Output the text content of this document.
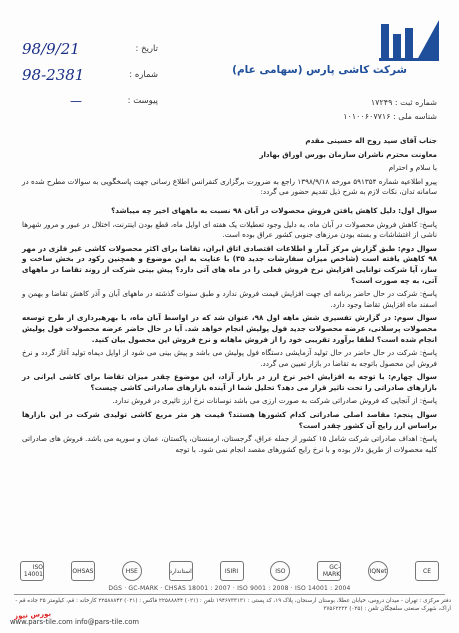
شرکت کاشی پارس (سهامی عام)
شماره ثبت : ۱۷۲۴۹
شناسه ملی : ۱۰۱۰۰۶۰۷۷۱۶
تاریخ :
98/9/21
شماره :
98-2381
پیوست :
—

جناب آقای سید روح اله حسینی مقدم

معاونت محترم ناشران سازمان بورس اوراق بهادار

با سلام و احترام

پیرو اطلاعیه شماره ۵۹۱۳۵۴ مورخه ۱۳۹۸/۹/۱۸ راجع به ضرورت برگزاری کنفرانس اطلاع رسانی جهت پاسخگویی به سوالات مطرح شده در سامانه تدان، نکات لازم به شرح ذیل تقدیم حضور می گردد:

سوال اول: دلیل کاهش یافتن فروش محصولات در آبان ۹۸ نسبت به ماههای اخیر چه میباشد؟

پاسخ: کاهش فروش محصولات در آبان ماه، به دلیل وجود تعطیلات یک هفته ای اوایل ماه، قطع بودن اینترنت، اختلال در عبور و مرور شهرها ناشی از اغتشاشات و بسته بودن مرزهای جنوبی کشور عراق بوده است.

سوال دوم: طبق گزارش مرکز آمار و اطلاعات اقتصادی اتاق ایران، تقاضا برای اکثر محصولات کاشی غیر فلزی در مهر ۹۸ کاهش یافته است (شاخص میزان سفارشات جدید ۳۵) با عنایت به این موضوع و همچنین رکود در بخش ساخت و ساز، آیا شرکت توانایی افزایش نرخ فروش فعلی را در ماه های آتی دارد؟ پیش بینی شرکت از روند تقاضا در ماههای آتی، به چه صورت است؟

پاسخ: شرکت در حال حاضر برنامه ای جهت افزایش قیمت فروش ندارد و طبق سنوات گذشته در ماههای آبان و آذر کاهش تقاضا و بهمن و اسفند ماه افزایش تقاضا وجود دارد.

سوال سوم: در گزارش تفسیری شش ماهه اول ۹۸، عنوان شد که در اواسط آبان ماه، با بهرهبرداری از طرح توسعه محصولات پرسلانی، عرضه محصولات جدید فول پولیش انجام خواهد شد. آیا در حال حاضر عرضه محصولات فول پولیش انجام شده است؟ لطفا برآورد تقریبی خود را از فروش ماهانه و نرخ فروش این محصول بیان کنید.

پاسخ: شرکت در حال حاضر در حال تولید آزمایشی دستگاه فول پولیش می باشد و پیش بینی می شود از اوایل دیماه تولید آغاز گردد و نرخ فروش این محصول باتوجه به تقاضا در بازار تعیین می گردد.

سوال چهارم: با توجه به افزایش اخیر نرخ ارز در بازار آزاد، این موضوع چقدر میزان تقاضا برای کاشی ایرانی در بازارهای صادراتی را تحت تاثیر قرار می دهد؟ تحلیل شما از آینده بازارهای صادراتی کاشی چیست؟

پاسخ: از آنجایی که فروش صادراتی شرکت به صورت ارزی می باشد نوسانات نرخ ارز تاثیری در فروش ندارد.

سوال پنجم: مقاصد اصلی صادراتی کدام کشورها هستند؟ قیمت هر متر مربع کاشی تولیدی شرکت در این بازارها براساس ارز رایج آن کشور چقدر است؟

پاسخ: اهداف صادراتی شرکت شامل ۱۵ کشور از جمله عراق، گرجستان، ارمنستان، پاکستان، عمان و سوریه می باشد. فروش های صادراتی کلیه محصولات از طریق دلار بوده و با نرخ رایج کشورهای مقصد انجام نمی شود. با توجه

CE
IQNet
GC-MARK
ISO
ISIRI
استاندارد
HSE
OHSAS
ISO 14001
DGS · GC-MARK · CHSAS 18001 : 2007 · ISO 9001 : 2008 · ISO 14001 : 2004
دفتر مرکزی : تهران - میدان دروس، خیابان عطلا، بوستان ارسنجان، پلاک ۱۹، کد پستی : ۱۹۴۶۷۳۳۱۳۱ تلفن : (۰۲۱) ۲۲۵۸۸۸۴۴ فاکس : (۰۲۱) ۲۲۵۸۸۸۴۳ کارخانه : قم، کیلومتر ۲۵ جاده قم - اراک، شهرک صنعتی سلفچگان تلفن : (۰۲۵) ۳۷۵۶۲۲۲۲
www.pars-tile.com info@pars-tile.com
بورس نیوز
